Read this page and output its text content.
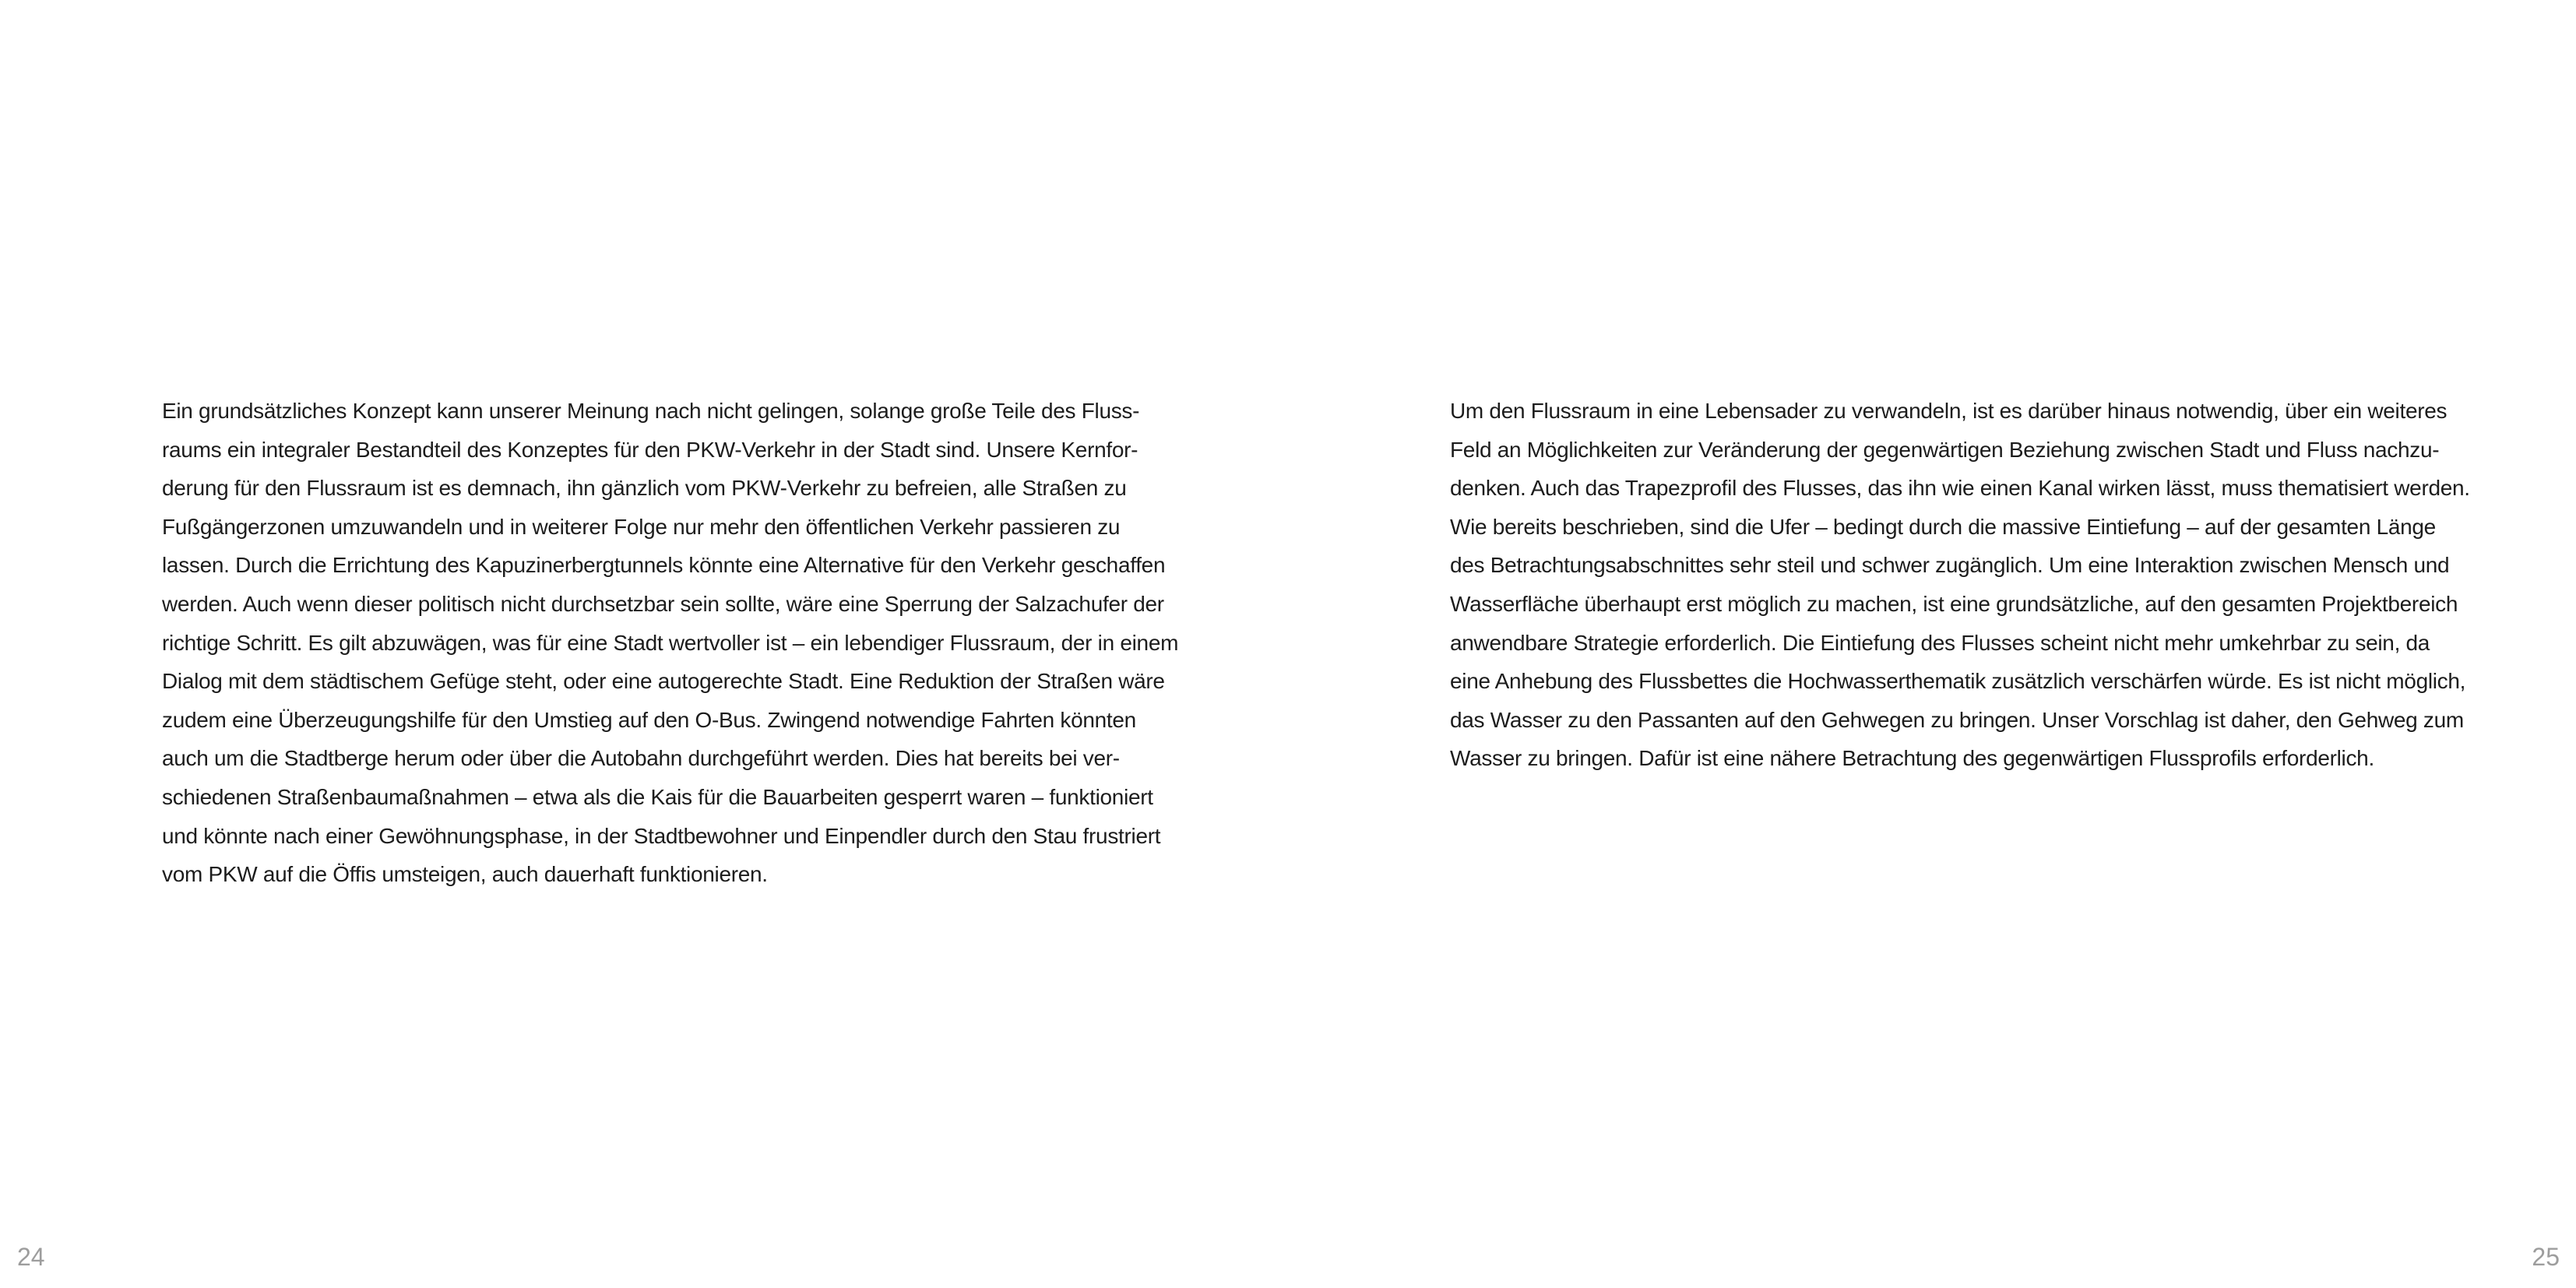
Ein grundsätzliches Konzept kann unserer Meinung nach nicht gelingen, solange große Teile des Fluss-
raums ein integraler Bestandteil des Konzeptes für den PKW-Verkehr in der Stadt sind. Unsere Kernfor-
derung für den Flussraum ist es demnach, ihn gänzlich vom PKW-Verkehr zu befreien, alle Straßen zu
Fußgängerzonen umzuwandeln und in weiterer Folge nur mehr den öffentlichen Verkehr passieren zu
lassen. Durch die Errichtung des Kapuzinerbergtunnels könnte eine Alternative für den Verkehr geschaffen
werden. Auch wenn dieser politisch nicht durchsetzbar sein sollte, wäre eine Sperrung der Salzachufer der
richtige Schritt. Es gilt abzuwägen, was für eine Stadt wertvoller ist – ein lebendiger Flussraum, der in einem
Dialog mit dem städtischem Gefüge steht, oder eine autogerechte Stadt. Eine Reduktion der Straßen wäre
zudem eine Überzeugungshilfe für den Umstieg auf den O-Bus. Zwingend notwendige Fahrten könnten
auch um die Stadtberge herum oder über die Autobahn durchgeführt werden. Dies hat bereits bei ver-
schiedenen Straßenbaumaßnahmen – etwa als die Kais für die Bauarbeiten gesperrt waren – funktioniert
und könnte nach einer Gewöhnungsphase, in der Stadtbewohner und Einpendler durch den Stau frustriert
vom PKW auf die Öffis umsteigen, auch dauerhaft funktionieren.
24
Um den Flussraum in eine Lebensader zu verwandeln, ist es darüber hinaus notwendig, über ein weiteres
Feld an Möglichkeiten zur Veränderung der gegenwärtigen Beziehung zwischen Stadt und Fluss nachzu-
denken. Auch das Trapezprofil des Flusses, das ihn wie einen Kanal wirken lässt, muss thematisiert werden.
Wie bereits beschrieben, sind die Ufer – bedingt durch die massive Eintiefung – auf der gesamten Länge
des Betrachtungsabschnittes sehr steil und schwer zugänglich. Um eine Interaktion zwischen Mensch und
Wasserfläche überhaupt erst möglich zu machen, ist eine grundsätzliche, auf den gesamten Projektbereich
anwendbare Strategie erforderlich. Die Eintiefung des Flusses scheint nicht mehr umkehrbar zu sein, da
eine Anhebung des Flussbettes die Hochwasserthematik zusätzlich verschärfen würde. Es ist nicht möglich,
das Wasser zu den Passanten auf den Gehwegen zu bringen. Unser Vorschlag ist daher, den Gehweg zum
Wasser zu bringen. Dafür ist eine nähere Betrachtung des gegenwärtigen Flussprofils erforderlich.
25
